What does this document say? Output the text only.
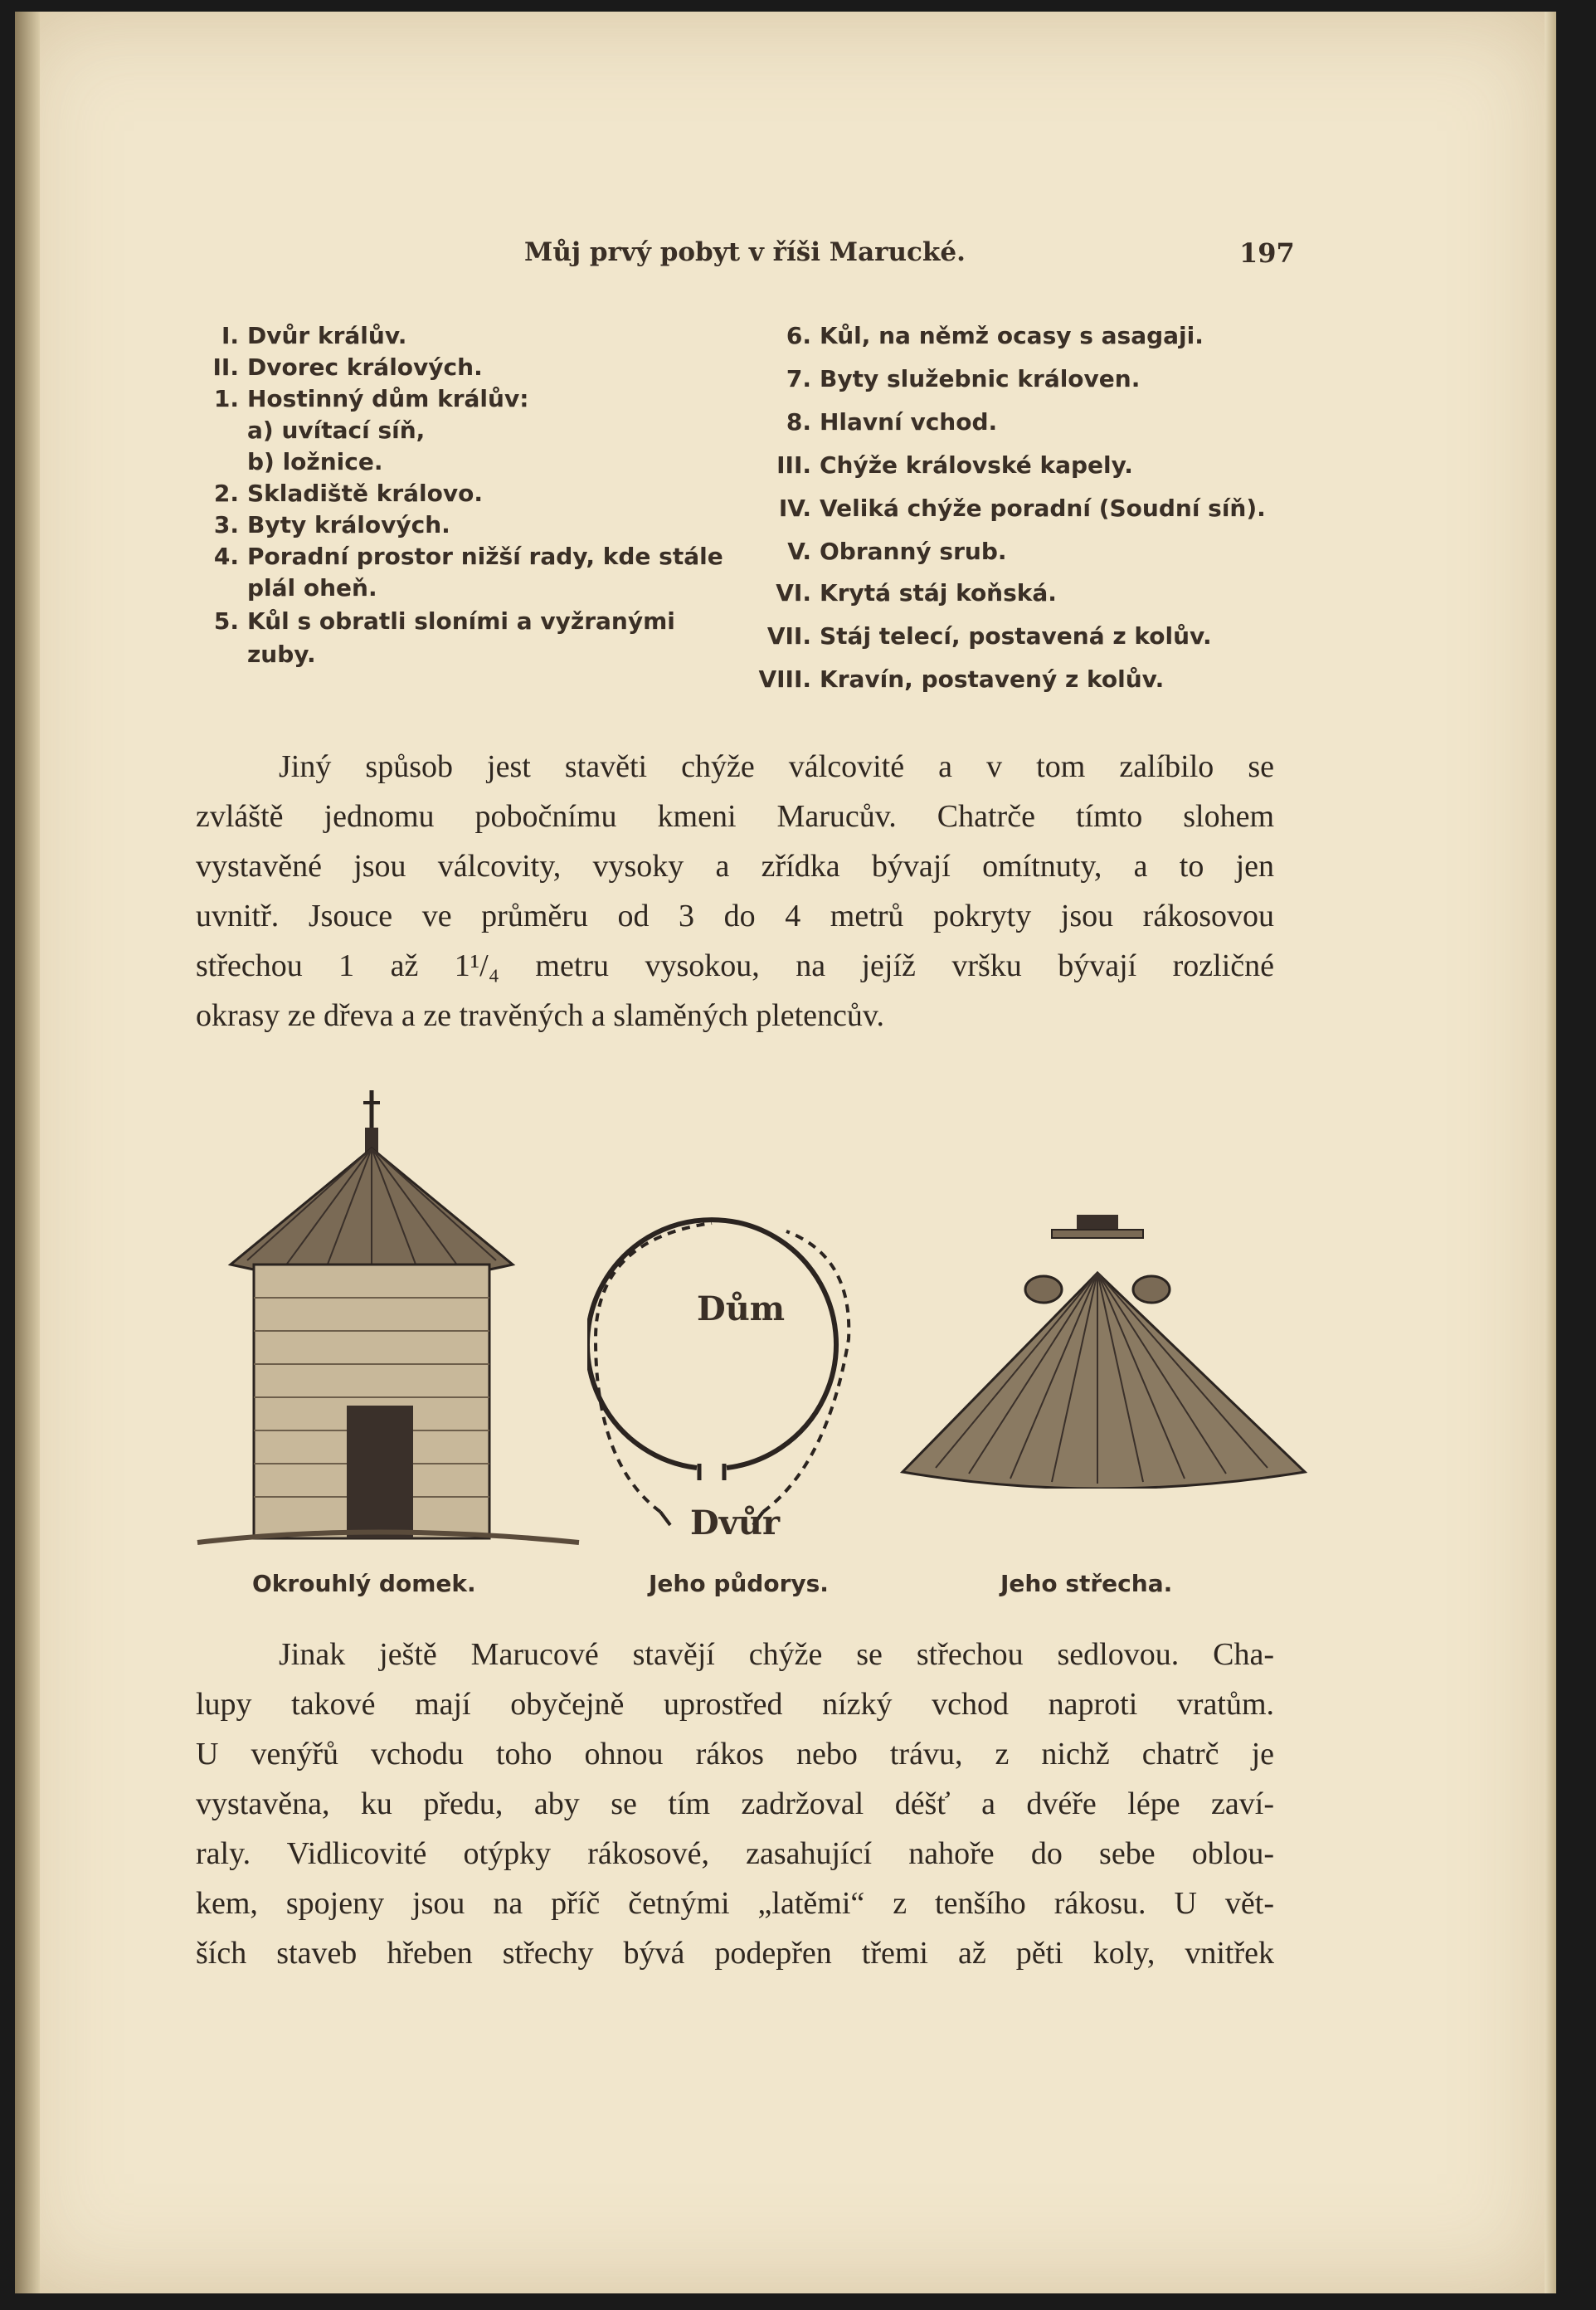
Můj prvý pobyt v říši Marucké.	197
I. Dvůr králův.
II. Dvorec králových.
1. Hostinný dům králův:
a) uvítací síň,
b) ložnice.
2. Skladiště královo.
3. Byty králových.
4. Poradní prostor nižší rady, kde stále
plál oheň.
5. Kůl s obratli sloními a vyžranými
zuby.
6. Kůl, na němž ocasy s asagaji.
7. Byty služebnic královen.
8. Hlavní vchod.
III. Chýže královské kapely.
IV. Veliká chýže poradní (Soudní síň).
V. Obranný srub.
VI. Krytá stáj koňská.
VII. Stáj telecí, postavená z kolův.
VIII. Kravín, postavený z kolův.
Jiný spůsob jest stavěti chýže válcovité a v tom zalíbilo se
zvláště jednomu pobočnímu kmeni Marucův. Chatrče tímto slohem
vystavěné jsou válcovity, vysoky a zřídka bývají omítnuty, a to jen
uvnitř. Jsouce ve průměru od 3 do 4 metrů pokryty jsou rákosovou
střechou 1 až 1¹/₄ metru vysokou, na jejíž vršku bývají rozličné
okrasy ze dřeva a ze travěných a slaměných pletencův.
Dům
Dvůr
Okrouhlý domek.	Jeho půdorys.	Jeho střecha.
Jinak ještě Marucové stavějí chýže se střechou sedlovou. Cha-
lupy takové mají obyčejně uprostřed nízký vchod naproti vratům.
U venýřů vchodu toho ohnou rákos nebo trávu, z nichž chatrč je
vystavěna, ku předu, aby se tím zadržoval déšť a dvéře lépe zaví-
raly. Vidlicovité otýpky rákosové, zasahující nahoře do sebe oblou-
kem, spojeny jsou na příč četnými „latěmi“ z tenšího rákosu. U vět-
ších staveb hřeben střechy bývá podepřen třemi až pěti koly, vnitřek
